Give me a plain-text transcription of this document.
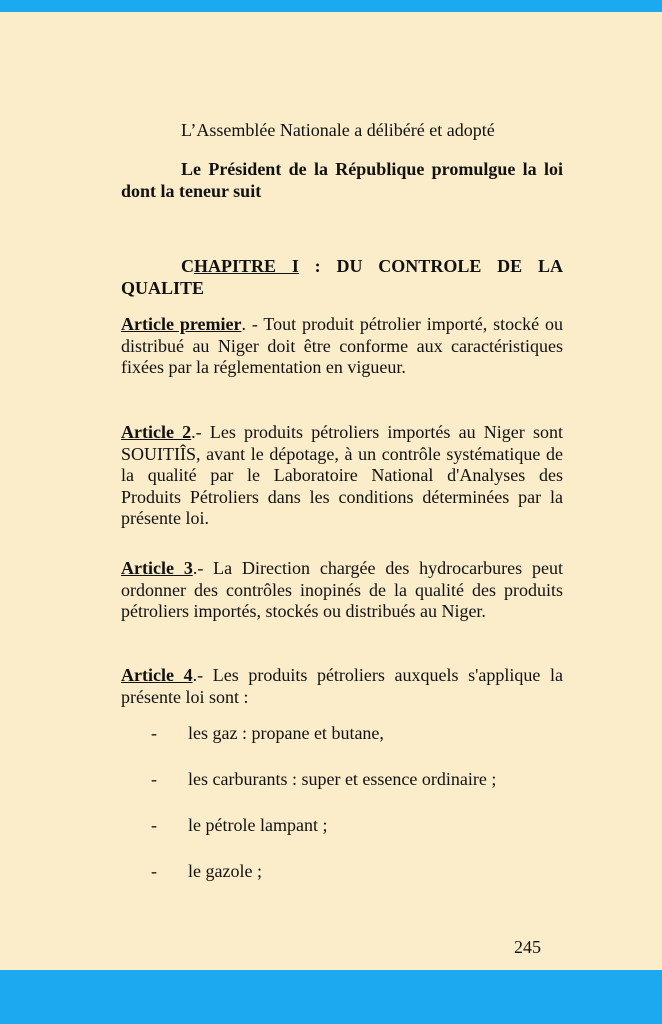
L’Assemblée Nationale a délibéré et adopté

Le Président de la République promulgue la loi dont la teneur suit

CHAPITRE I : DU CONTROLE DE LA QUALITE

Article premier. - Tout produit pétrolier importé, stocké ou distribué au Niger doit être conforme aux caractéristiques fixées par la réglementation en vigueur.

Article 2.- Les produits pétroliers importés au Niger sont SOUITIÎS, avant le dépotage, à un contrôle systématique de la qualité par le Laboratoire National d'Analyses des Produits Pétroliers dans les conditions déterminées par la présente loi.

Article 3.- La Direction chargée des hydrocarbures peut ordonner des contrôles inopinés de la qualité des produits pétroliers importés, stockés ou distribués au Niger.

Article 4.- Les produits pétroliers auxquels s'applique la présente loi sont :

- les gaz : propane et butane,
- les carburants : super et essence ordinaire ;
- le pétrole lampant ;
- le gazole ;
245
